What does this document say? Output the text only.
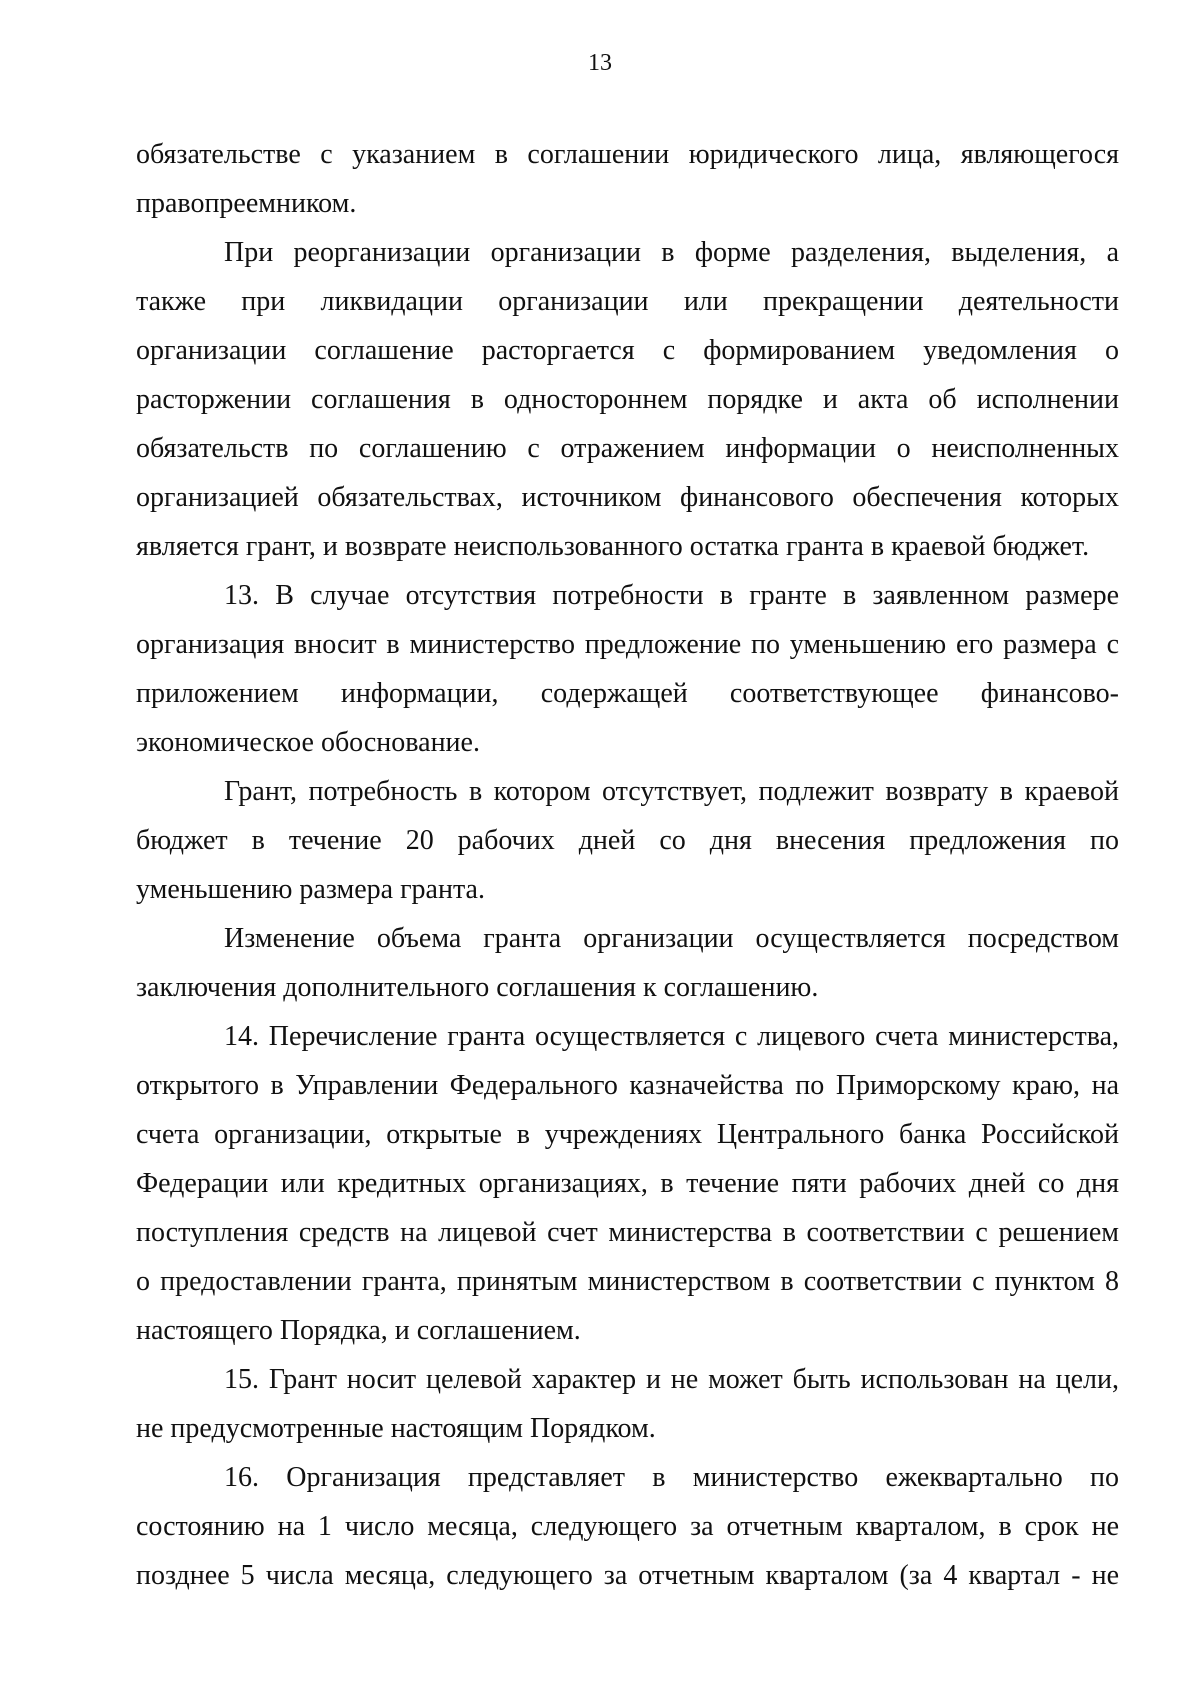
13

обязательстве с указанием в соглашении юридического лица, являющегося
правопреемником.

При реорганизации организации в форме разделения, выделения, а
также при ликвидации организации или прекращении деятельности
организации соглашение расторгается с формированием уведомления о
расторжении соглашения в одностороннем порядке и акта об исполнении
обязательств по соглашению с отражением информации о неисполненных
организацией обязательствах, источником финансового обеспечения которых
является грант, и возврате неиспользованного остатка гранта в краевой бюджет.

13. В случае отсутствия потребности в гранте в заявленном размере
организация вносит в министерство предложение по уменьшению его размера с
приложением информации, содержащей соответствующее финансово-
экономическое обоснование.

Грант, потребность в котором отсутствует, подлежит возврату в краевой
бюджет в течение 20 рабочих дней со дня внесения предложения по
уменьшению размера гранта.

Изменение объема гранта организации осуществляется посредством
заключения дополнительного соглашения к соглашению.

14. Перечисление гранта осуществляется с лицевого счета министерства,
открытого в Управлении Федерального казначейства по Приморскому краю, на
счета организации, открытые в учреждениях Центрального банка Российской
Федерации или кредитных организациях, в течение пяти рабочих дней со дня
поступления средств на лицевой счет министерства в соответствии с решением
о предоставлении гранта, принятым министерством в соответствии с пунктом 8
настоящего Порядка, и соглашением.

15. Грант носит целевой характер и не может быть использован на цели,
не предусмотренные настоящим Порядком.

16. Организация представляет в министерство ежеквартально по
состоянию на 1 число месяца, следующего за отчетным кварталом, в срок не
позднее 5 числа месяца, следующего за отчетным кварталом (за 4 квартал - не
